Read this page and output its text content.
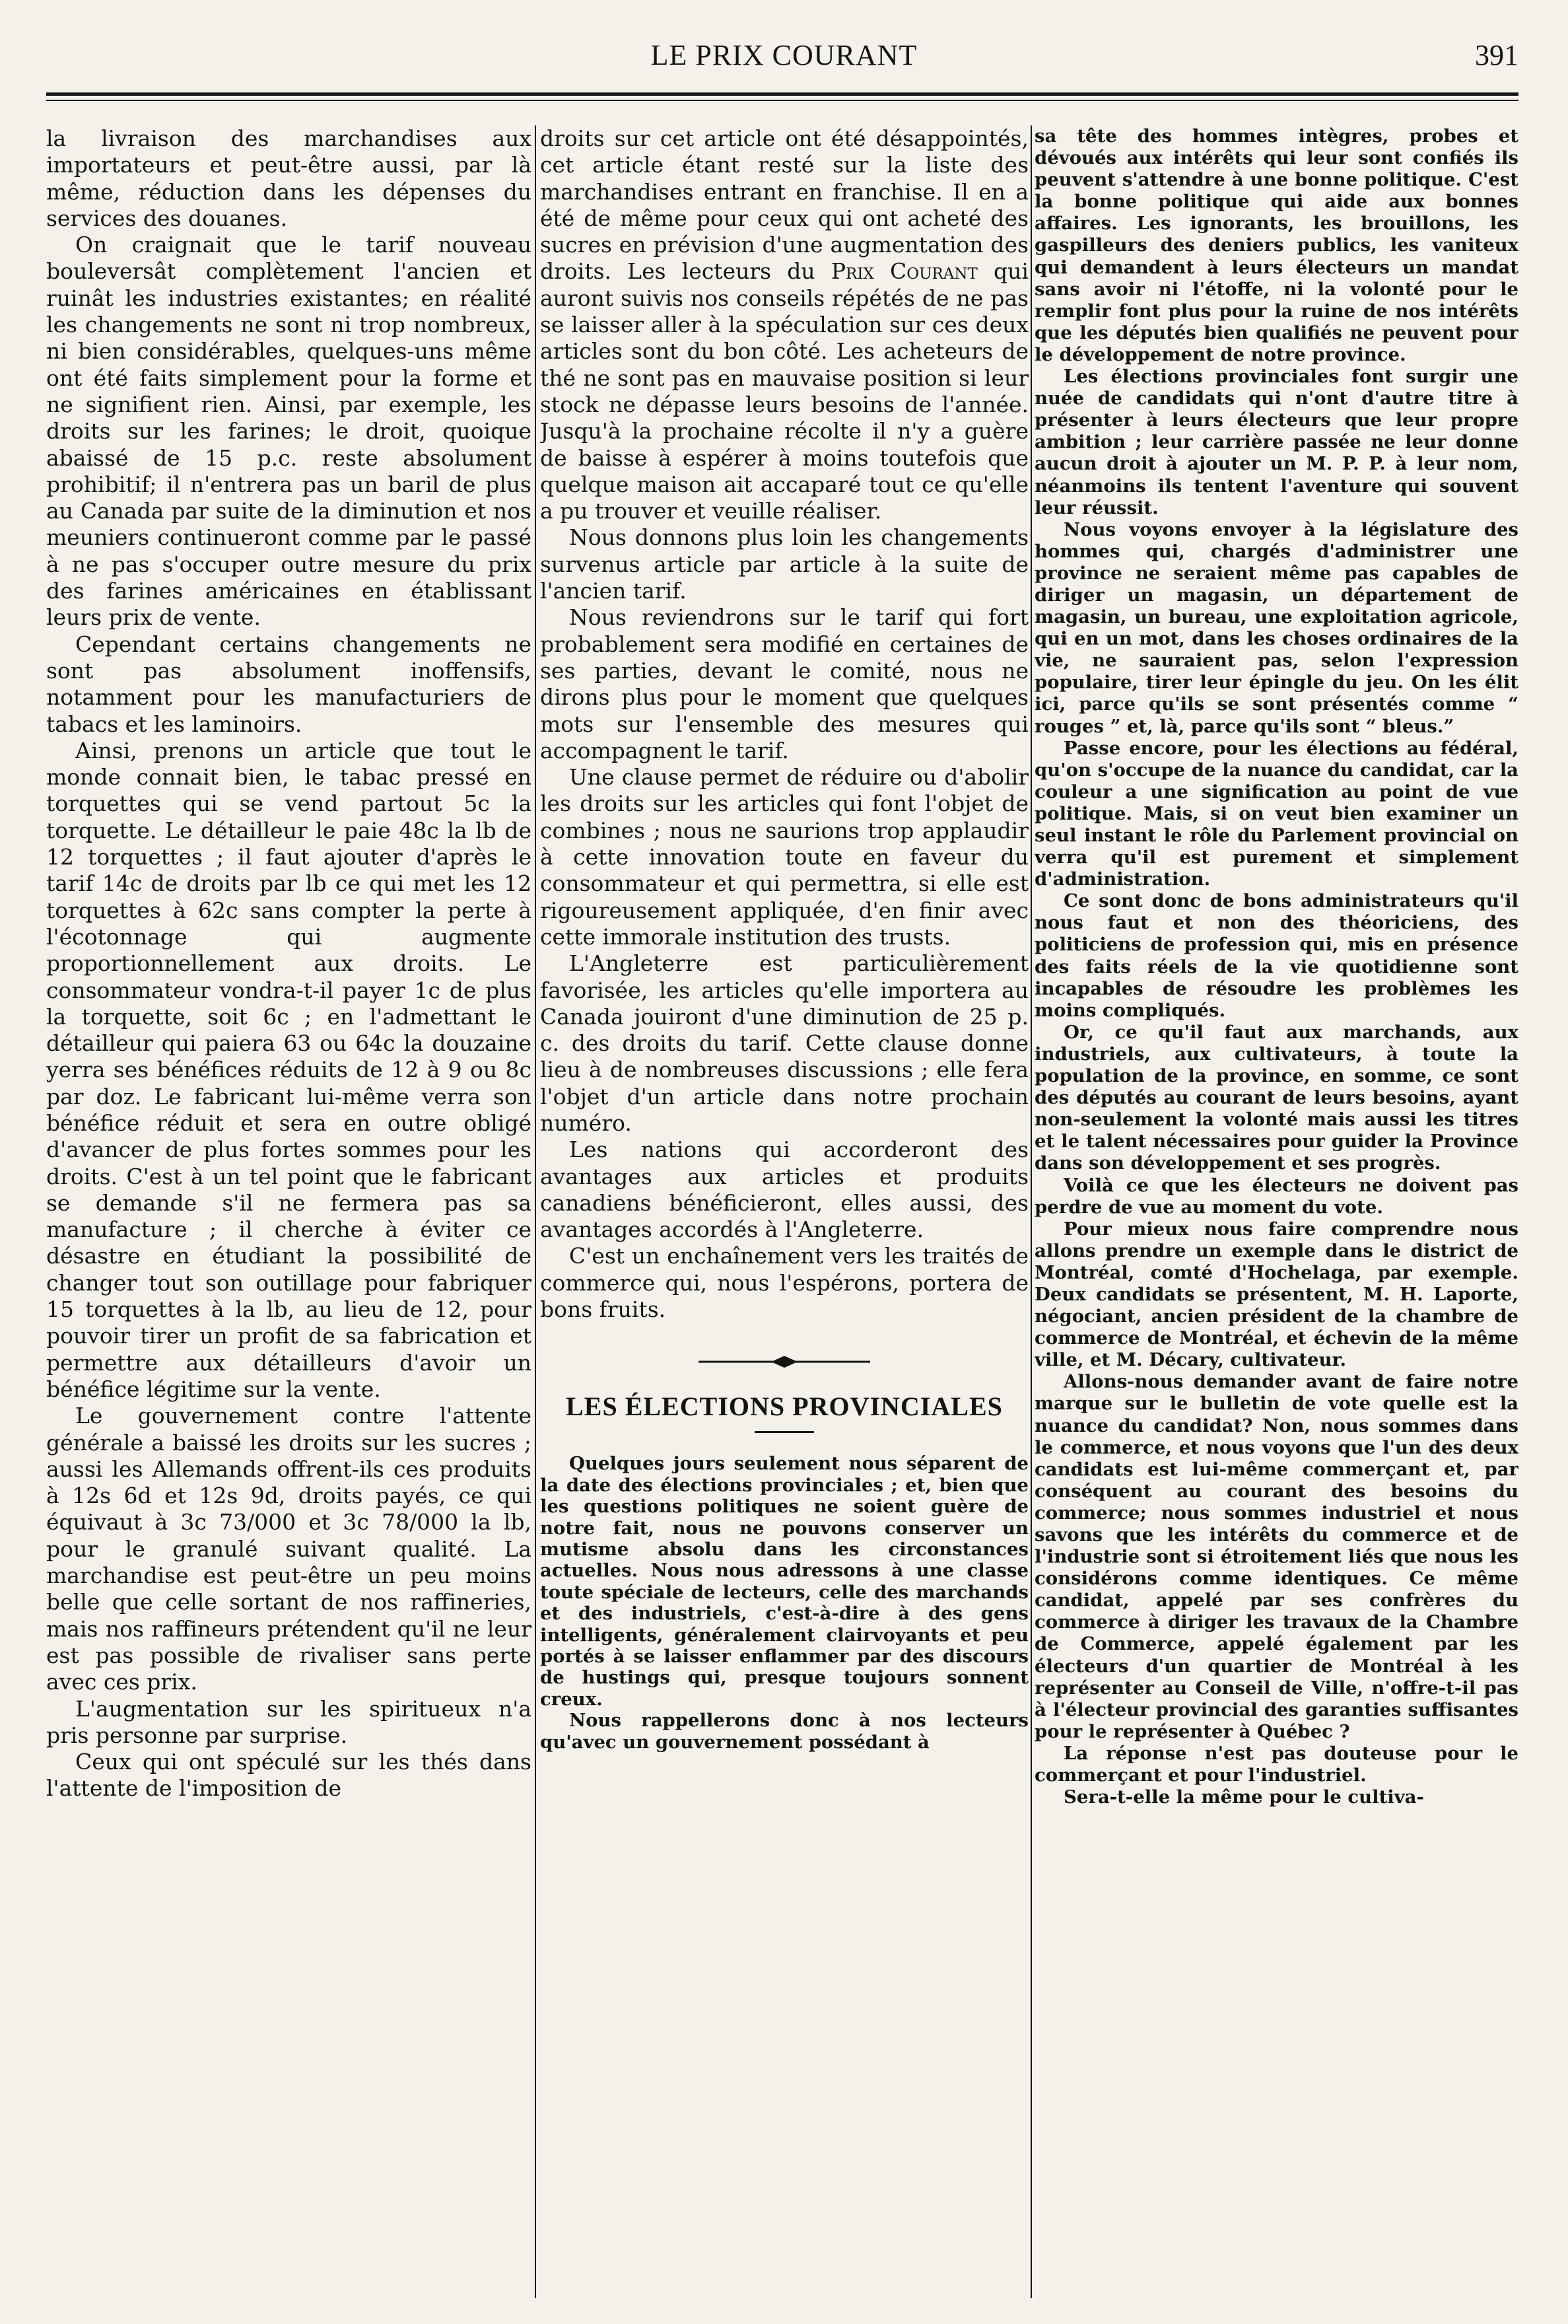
LE PRIX COURANT	391

la livraison des marchandises aux importateurs et peut-être aussi, par là même, réduction dans les dépenses du services des douanes.

On craignait que le tarif nouveau bouleversât complètement l'ancien et ruinât les industries existantes; en réalité les changements ne sont ni trop nombreux, ni bien considérables, quelques-uns même ont été faits simplement pour la forme et ne signifient rien. Ainsi, par exemple, les droits sur les farines; le droit, quoique abaissé de 15 p.c. reste absolument prohibitif; il n'entrera pas un baril de plus au Canada par suite de la diminution et nos meuniers continueront comme par le passé à ne pas s'occuper outre mesure du prix des farines américaines en établissant leurs prix de vente.

Cependant certains changements ne sont pas absolument inoffensifs, notamment pour les manufacturiers de tabacs et les laminoirs.

Ainsi, prenons un article que tout le monde connait bien, le tabac pressé en torquettes qui se vend partout 5c la torquette. Le détailleur le paie 48c la lb de 12 torquettes ; il faut ajouter d'après le tarif 14c de droits par lb ce qui met les 12 torquettes à 62c sans compter la perte à l'écotonnage qui augmente proportionnellement aux droits. Le consommateur vondra-t-il payer 1c de plus la torquette, soit 6c ; en l'admettant le détailleur qui paiera 63 ou 64c la douzaine yerra ses bénéfices réduits de 12 à 9 ou 8c par doz. Le fabricant lui-même verra son bénéfice réduit et sera en outre obligé d'avancer de plus fortes sommes pour les droits. C'est à un tel point que le fabricant se demande s'il ne fermera pas sa manufacture ; il cherche à éviter ce désastre en étudiant la possibilité de changer tout son outillage pour fabriquer 15 torquettes à la lb, au lieu de 12, pour pouvoir tirer un profit de sa fabrication et permettre aux détailleurs d'avoir un bénéfice légitime sur la vente.

Le gouvernement contre l'attente générale a baissé les droits sur les sucres ; aussi les Allemands offrent-ils ces produits à 12s 6d et 12s 9d, droits payés, ce qui équivaut à 3c 73/000 et 3c 78/000 la lb, pour le granulé suivant qualité. La marchandise est peut-être un peu moins belle que celle sortant de nos raffineries, mais nos raffineurs prétendent qu'il ne leur est pas possible de rivaliser sans perte avec ces prix.

L'augmentation sur les spiritueux n'a pris personne par surprise.

Ceux qui ont spéculé sur les thés dans l'attente de l'imposition de

droits sur cet article ont été désappointés, cet article étant resté sur la liste des marchandises entrant en franchise. Il en a été de même pour ceux qui ont acheté des sucres en prévision d'une augmentation des droits. Les lecteurs du Prix Courant qui auront suivis nos conseils répétés de ne pas se laisser aller à la spéculation sur ces deux articles sont du bon côté. Les acheteurs de thé ne sont pas en mauvaise position si leur stock ne dépasse leurs besoins de l'année. Jusqu'à la prochaine récolte il n'y a guère de baisse à espérer à moins toutefois que quelque maison ait accaparé tout ce qu'elle a pu trouver et veuille réaliser.

Nous donnons plus loin les changements survenus article par article à la suite de l'ancien tarif.

Nous reviendrons sur le tarif qui fort probablement sera modifié en certaines de ses parties, devant le comité, nous ne dirons plus pour le moment que quelques mots sur l'ensemble des mesures qui accompagnent le tarif.

Une clause permet de réduire ou d'abolir les droits sur les articles qui font l'objet de combines ; nous ne saurions trop applaudir à cette innovation toute en faveur du consommateur et qui permettra, si elle est rigoureusement appliquée, d'en finir avec cette immorale institution des trusts.

L'Angleterre est particulièrement favorisée, les articles qu'elle importera au Canada jouiront d'une diminution de 25 p. c. des droits du tarif. Cette clause donne lieu à de nombreuses discussions ; elle fera l'objet d'un article dans notre prochain numéro.

Les nations qui accorderont des avantages aux articles et produits canadiens bénéficieront, elles aussi, des avantages accordés à l'Angleterre.

C'est un enchaînement vers les traités de commerce qui, nous l'espérons, portera de bons fruits.

LES ÉLECTIONS PROVINCIALES

Quelques jours seulement nous séparent de la date des élections provinciales ; et, bien que les questions politiques ne soient guère de notre fait, nous ne pouvons conserver un mutisme absolu dans les circonstances actuelles. Nous nous adressons à une classe toute spéciale de lecteurs, celle des marchands et des industriels, c'est-à-dire à des gens intelligents, généralement clairvoyants et peu portés à se laisser enflammer par des discours de hustings qui, presque toujours sonnent creux.

Nous rappellerons donc à nos lecteurs qu'avec un gouvernement possédant à

sa tête des hommes intègres, probes et dévoués aux intérêts qui leur sont confiés ils peuvent s'attendre à une bonne politique. C'est la bonne politique qui aide aux bonnes affaires. Les ignorants, les brouillons, les gaspilleurs des deniers publics, les vaniteux qui demandent à leurs électeurs un mandat sans avoir ni l'étoffe, ni la volonté pour le remplir font plus pour la ruine de nos intérêts que les députés bien qualifiés ne peuvent pour le développement de notre province.

Les élections provinciales font surgir une nuée de candidats qui n'ont d'autre titre à présenter à leurs électeurs que leur propre ambition ; leur carrière passée ne leur donne aucun droit à ajouter un M. P. P. à leur nom, néanmoins ils tentent l'aventure qui souvent leur réussit.

Nous voyons envoyer à la législature des hommes qui, chargés d'administrer une province ne seraient même pas capables de diriger un magasin, un département de magasin, un bureau, une exploitation agricole, qui en un mot, dans les choses ordinaires de la vie, ne sauraient pas, selon l'expression populaire, tirer leur épingle du jeu. On les élit ici, parce qu'ils se sont présentés comme “ rouges ” et, là, parce qu'ils sont “ bleus.”

Passe encore, pour les élections au fédéral, qu'on s'occupe de la nuance du candidat, car la couleur a une signification au point de vue politique. Mais, si on veut bien examiner un seul instant le rôle du Parlement provincial on verra qu'il est purement et simplement d'administration.

Ce sont donc de bons administrateurs qu'il nous faut et non des théoriciens, des politiciens de profession qui, mis en présence des faits réels de la vie quotidienne sont incapables de résoudre les problèmes les moins compliqués.

Or, ce qu'il faut aux marchands, aux industriels, aux cultivateurs, à toute la population de la province, en somme, ce sont des députés au courant de leurs besoins, ayant non-seulement la volonté mais aussi les titres et le talent nécessaires pour guider la Province dans son développement et ses progrès.

Voilà ce que les électeurs ne doivent pas perdre de vue au moment du vote.

Pour mieux nous faire comprendre nous allons prendre un exemple dans le district de Montréal, comté d'Hochelaga, par exemple. Deux candidats se présentent, M. H. Laporte, négociant, ancien président de la chambre de commerce de Montréal, et échevin de la même ville, et M. Décary, cultivateur.

Allons-nous demander avant de faire notre marque sur le bulletin de vote quelle est la nuance du candidat? Non, nous sommes dans le commerce, et nous voyons que l'un des deux candidats est lui-même commerçant et, par conséquent au courant des besoins du commerce; nous sommes industriel et nous savons que les intérêts du commerce et de l'industrie sont si étroitement liés que nous les considérons comme identiques. Ce même candidat, appelé par ses confrères du commerce à diriger les travaux de la Chambre de Commerce, appelé également par les électeurs d'un quartier de Montréal à les représenter au Conseil de Ville, n'offre-t-il pas à l'électeur provincial des garanties suffisantes pour le représenter à Québec ?

La réponse n'est pas douteuse pour le commerçant et pour l'industriel.

Sera-t-elle la même pour le cultiva-
